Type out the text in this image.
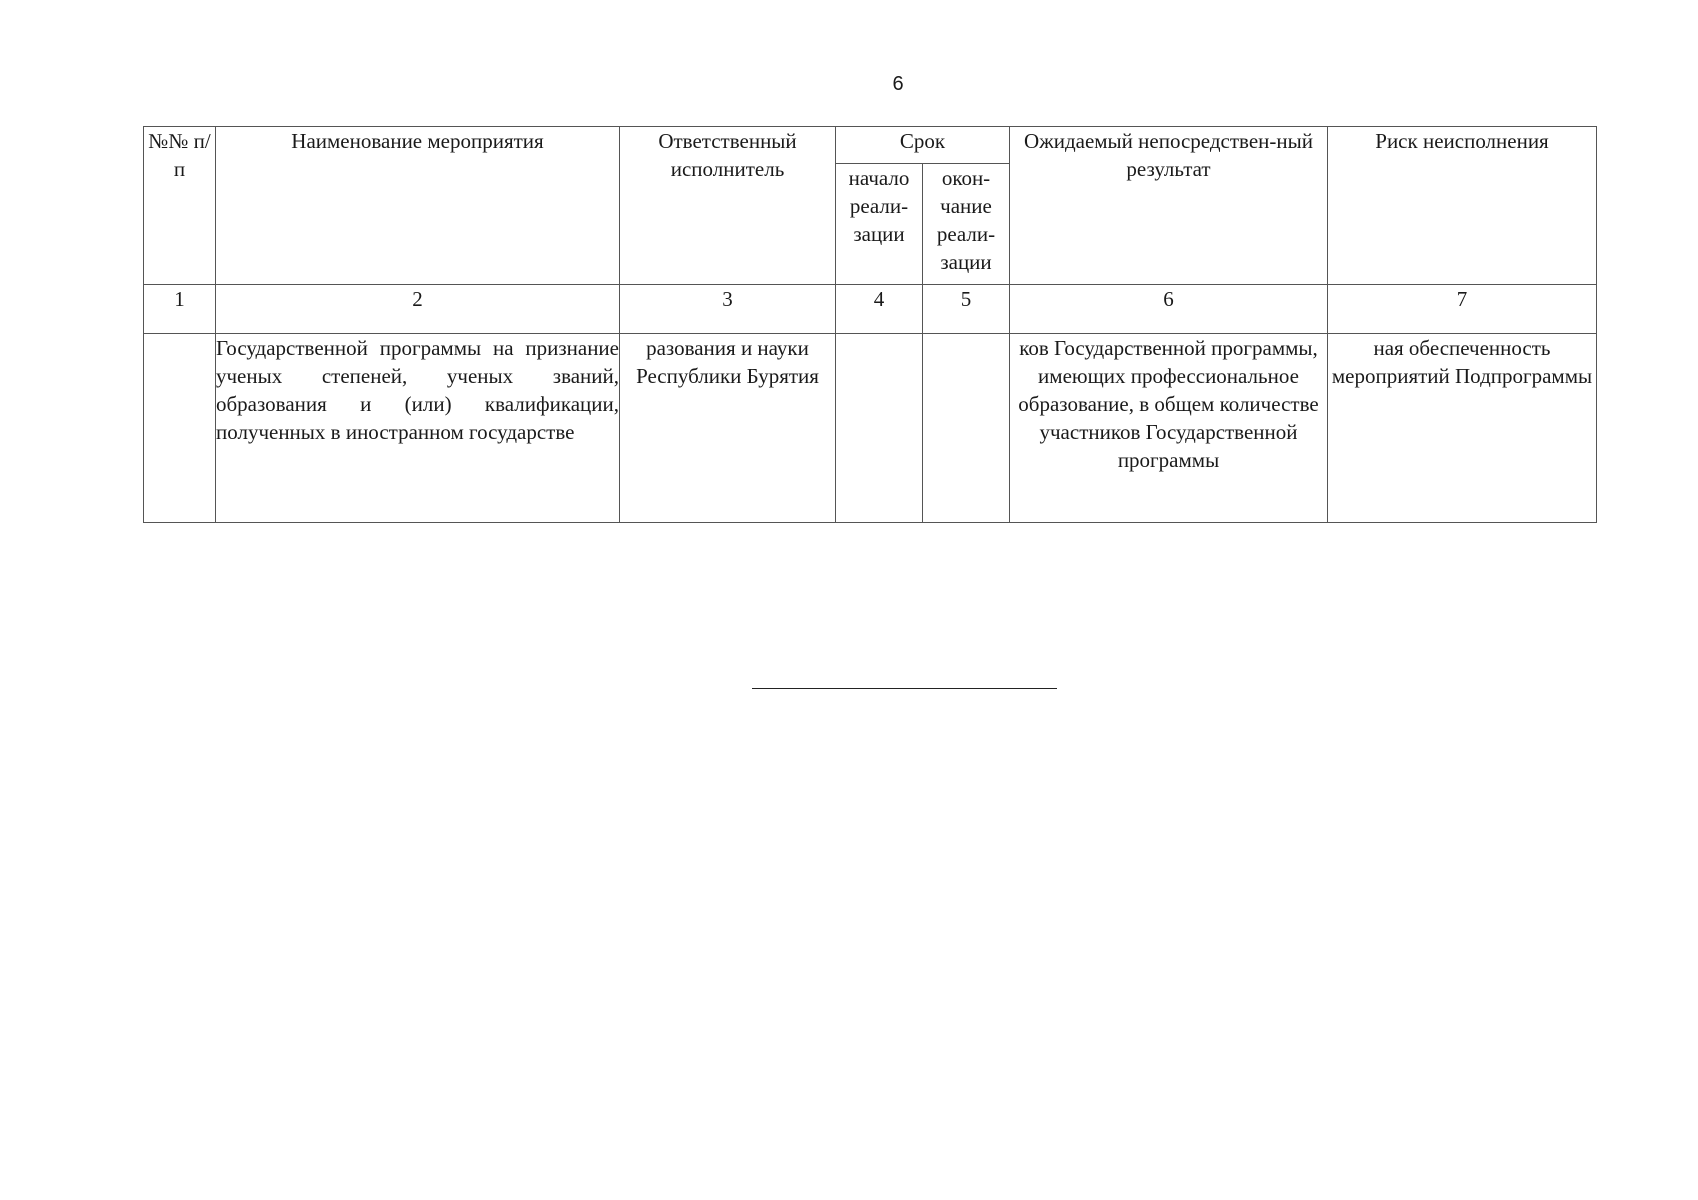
6
№№ п/п	Наименование мероприятия	Ответственный исполнитель	Срок		Ожидаемый непосредствен-ный результат	Риск неисполнения

			начало реали-зации	окон-чание реали-зации		

1	2	3	4	5	6	7
	Государственной программы на признание ученых степеней, ученых званий, образования и (или) квалификации, полученных в иностранном государстве	разования и науки Республики Бурятия			ков Государственной программы, имеющих профессиональное образование, в общем количестве участников Государственной программы	ная обеспеченность мероприятий Подпрограммы
